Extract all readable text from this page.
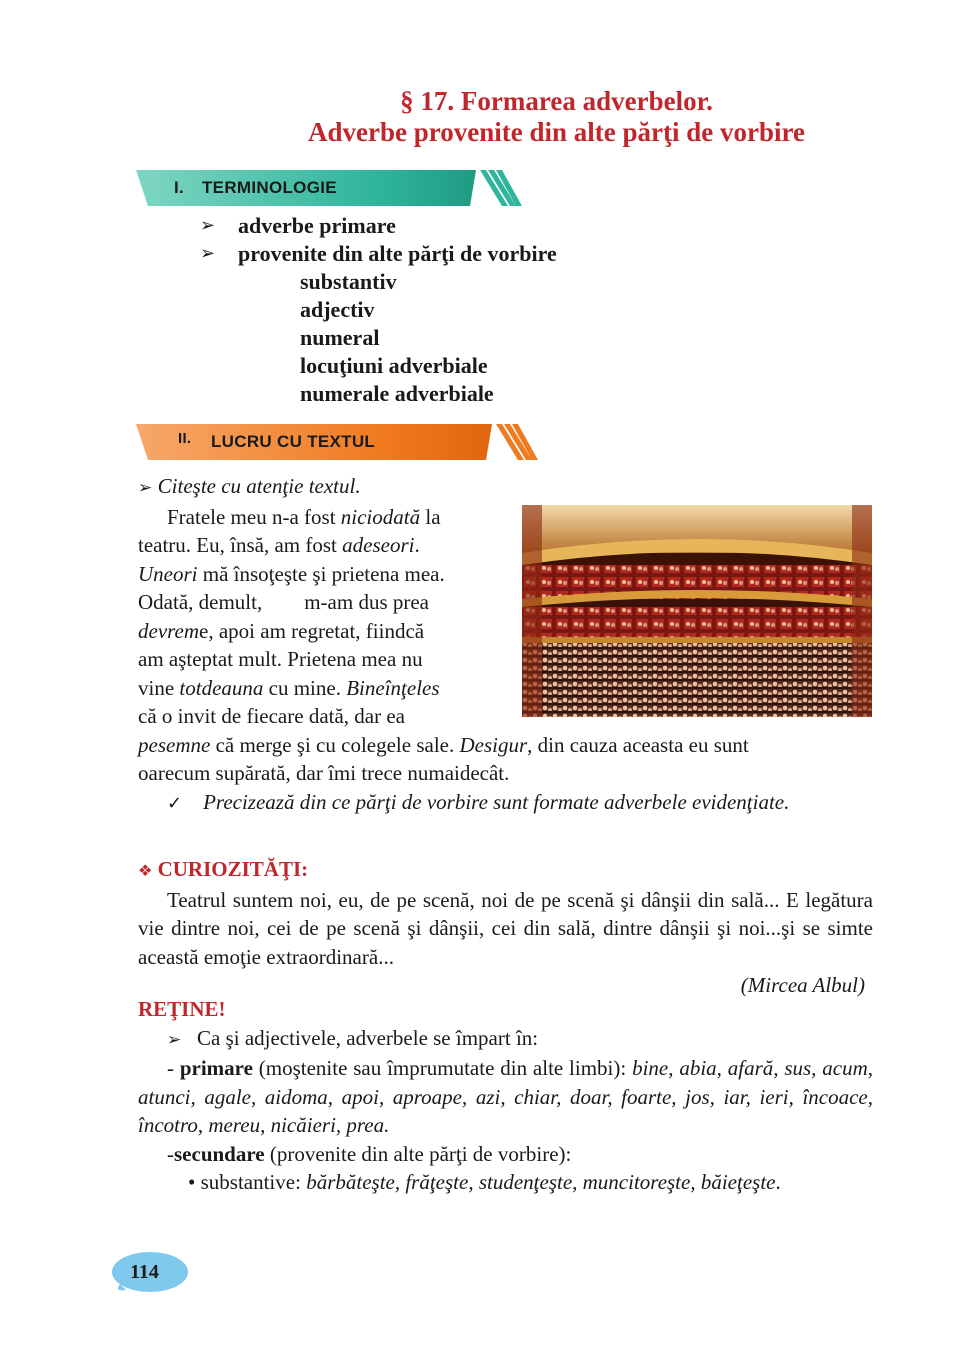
§ 17. Formarea adverbelor.
Adverbe provenite din alte părţi de vorbire
I. TERMINOLOGIE
➢	adverbe primare
➢	provenite din alte părţi de vorbire
substantiv
adjectiv
numeral
locuţiuni adverbiale
numerale adverbiale
II. LUCRU CU TEXTUL

➢ Citeşte cu atenţie textul.

Fratele meu n-a fost niciodată la

teatru. Eu, însă, am fost adeseori.

Uneori mă însoţeşte şi prietena mea.

Odată, demult,        m-am dus prea

devreme, apoi am regretat, fiindcă

am aşteptat mult. Prietena mea nu

vine totdeauna cu mine. Bineînţeles

că o invit de fiecare dată, dar ea

pesemne că merge şi cu colegele sale. Desigur, din cauza aceasta eu sunt

oarecum supărată, dar îmi trece numaidecât.

✓ Precizează din ce părţi de vorbire sunt formate adverbele evidenţiate.

❖ CURIOZITĂŢI:

Teatrul suntem noi, eu, de pe scenă, noi de pe scenă şi dânşii din sală... E legătura vie dintre noi, cei de pe scenă şi dânşii, cei din sală, dintre dânşii şi noi...şi se simte această emoţie extraordinară...

(Mircea Albul)

REŢINE!

➢ Ca şi adjectivele, adverbele se împart în:

- primare (moştenite sau împrumutate din alte limbi): bine, abia, afară, sus, acum, atunci, agale, aidoma, apoi, aproape, azi, chiar, doar, foarte, jos, iar, ieri, încoace, încotro, mereu, nicăieri, prea.

-secundare (provenite din alte părţi de vorbire):

• substantive: bărbăteşte, frăţeşte, studenţeşte, muncitoreşte, băieţeşte.

114
